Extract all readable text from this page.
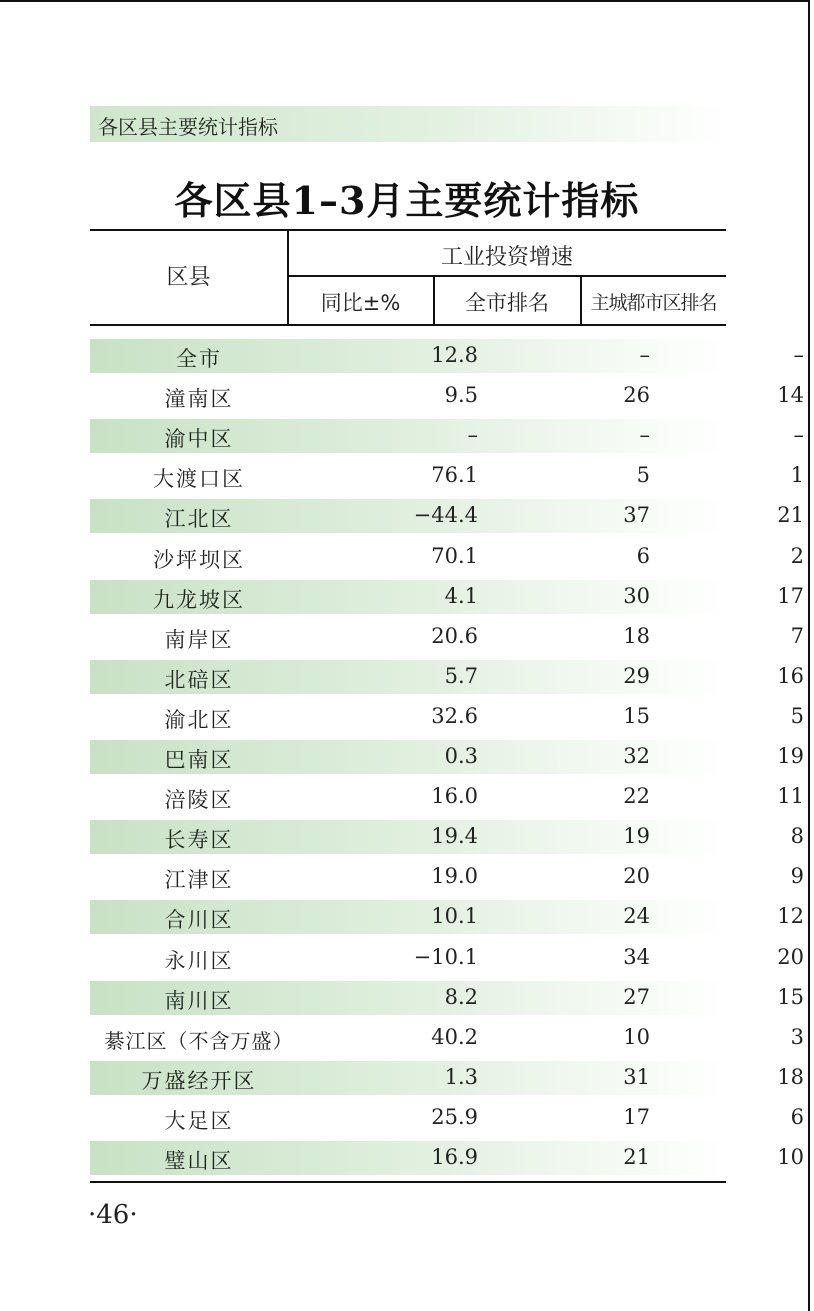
各区县主要统计指标
各区县1–3月主要统计指标
区县
工业投资增速
同比±%	全市排名	主城都市区排名
全市	12.8	–	–
潼南区	9.5	26	14
渝中区	–	–	–
大渡口区	76.1	5	1
江北区	−44.4	37	21
沙坪坝区	70.1	6	2
九龙坡区	4.1	30	17
南岸区	20.6	18	7
北碚区	5.7	29	16
渝北区	32.6	15	5
巴南区	0.3	32	19
涪陵区	16.0	22	11
长寿区	19.4	19	8
江津区	19.0	20	9
合川区	10.1	24	12
永川区	−10.1	34	20
南川区	8.2	27	15
綦江区（不含万盛）	40.2	10	3
万盛经开区	1.3	31	18
大足区	25.9	17	6
璧山区	16.9	21	10
·46·
